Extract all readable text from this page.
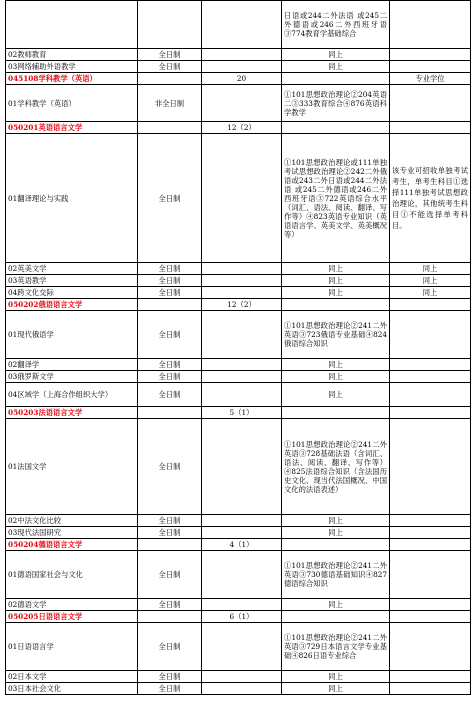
			日语或244二外法语 或245二外德语或246二外西班牙语③774教育学基础综合	
02教师教育	全日制		同上	
03网络辅助外语教学	全日制		同上	
045108学科教学（英语）		20		专业学位
01学科教学（英语）	非全日制		①101思想政治理论②204英语二③333教育综合④876英语科学教学	
050201英语语言文学		12（2）		
01翻译理论与实践	全日制		①101思想政治理论或111单独考试思想政治理论②242二外俄语或243二外日语或244二外法语 或245二外德语或246二外西班牙语③722英语综合水平（词汇、语法、阅读、翻译、写作等）④823英语专业知识（英语语言学、英美文学、英美概况等）	该专业可招收单独考试考生，单考生科目①选择111单独考试思想政治理论，其他统考生科目①不能选择单考科目。
02英美文学	全日制		同上	同上
03英语教学	全日制		同上	同上
04跨文化交际	全日制		同上	同上
050202俄语语言文学		12（2）		
01现代俄语学	全日制		①101思想政治理论②241二外英语③723俄语专业基础④824俄语综合知识	
02翻译学	全日制		同上	
03俄罗斯文学	全日制		同上	
04区域学（上海合作组织大学）	全日制		同上	
050203法语语言文学		5（1）		
01法国文学	全日制		①101思想政治理论②241二外英语③728基础法语（含词汇、语法、阅读、翻译、写作等）④825法语综合知识（含法国历史文化、现当代法国概况、中国文化的法语表述）	
02中法文化比较	全日制		同上	
03现代法国研究	全日制		同上	
050204德语语言文学		4（1）		
01德语国家社会与文化	全日制		①101思想政治理论②241二外英语③730德语基础知识④827德语综合知识	
02德语文学	全日制		同上	
050205日语语言文学		6（1）		
01日语语言学	全日制		①101思想政治理论②241二外英语③729日本语言文学专业基础④826日语专业综合	
02日本文学	全日制		同上	
03日本社会文化	全日制		同上	
